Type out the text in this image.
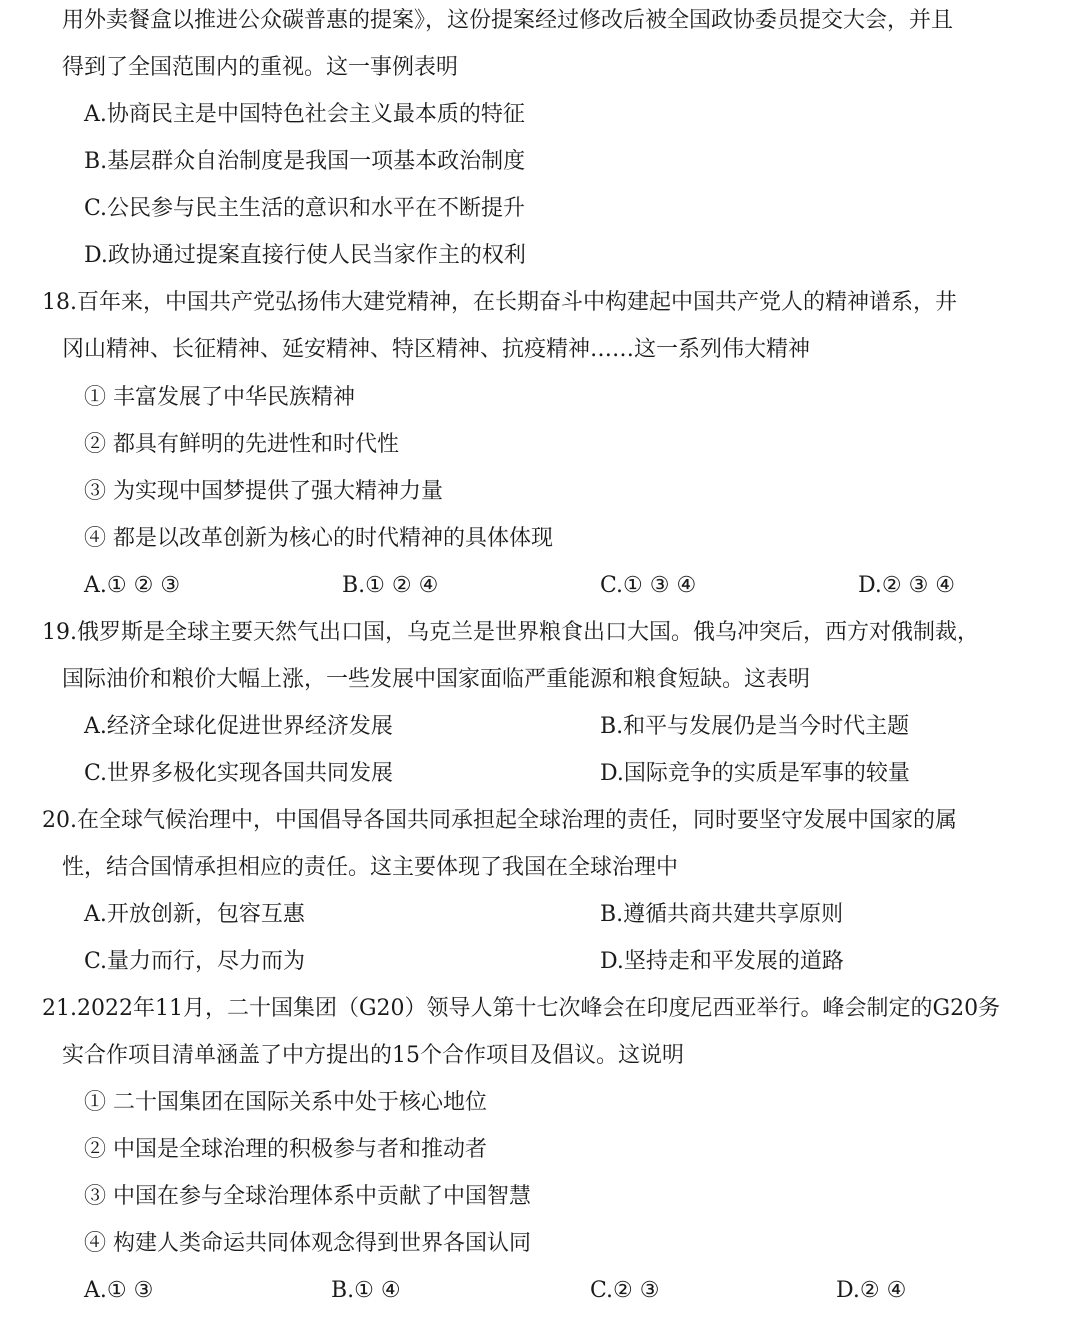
用外卖餐盒以推进公众碳普惠的提案》，这份提案经过修改后被全国政协委员提交大会，并且
得到了全国范围内的重视。这一事例表明
A.协商民主是中国特色社会主义最本质的特征
B.基层群众自治制度是我国一项基本政治制度
C.公民参与民主生活的意识和水平在不断提升
D.政协通过提案直接行使人民当家作主的权利
18.百年来，中国共产党弘扬伟大建党精神，在长期奋斗中构建起中国共产党人的精神谱系，井
冈山精神、长征精神、延安精神、特区精神、抗疫精神……这一系列伟大精神
① 丰富发展了中华民族精神
② 都具有鲜明的先进性和时代性
③ 为实现中国梦提供了强大精神力量
④ 都是以改革创新为核心的时代精神的具体体现
A.① ② ③	B.① ② ④	C.① ③ ④	D.② ③ ④
19.俄罗斯是全球主要天然气出口国，乌克兰是世界粮食出口大国。俄乌冲突后，西方对俄制裁，
国际油价和粮价大幅上涨，一些发展中国家面临严重能源和粮食短缺。这表明
A.经济全球化促进世界经济发展	B.和平与发展仍是当今时代主题
C.世界多极化实现各国共同发展	D.国际竞争的实质是军事的较量
20.在全球气候治理中，中国倡导各国共同承担起全球治理的责任，同时要坚守发展中国家的属
性，结合国情承担相应的责任。这主要体现了我国在全球治理中
A.开放创新，包容互惠	B.遵循共商共建共享原则
C.量力而行，尽力而为	D.坚持走和平发展的道路
21.2022年11月，二十国集团（G20）领导人第十七次峰会在印度尼西亚举行。峰会制定的G20务
实合作项目清单涵盖了中方提出的15个合作项目及倡议。这说明
① 二十国集团在国际关系中处于核心地位
② 中国是全球治理的积极参与者和推动者
③ 中国在参与全球治理体系中贡献了中国智慧
④ 构建人类命运共同体观念得到世界各国认同
A.① ③	B.① ④	C.② ③	D.② ④
